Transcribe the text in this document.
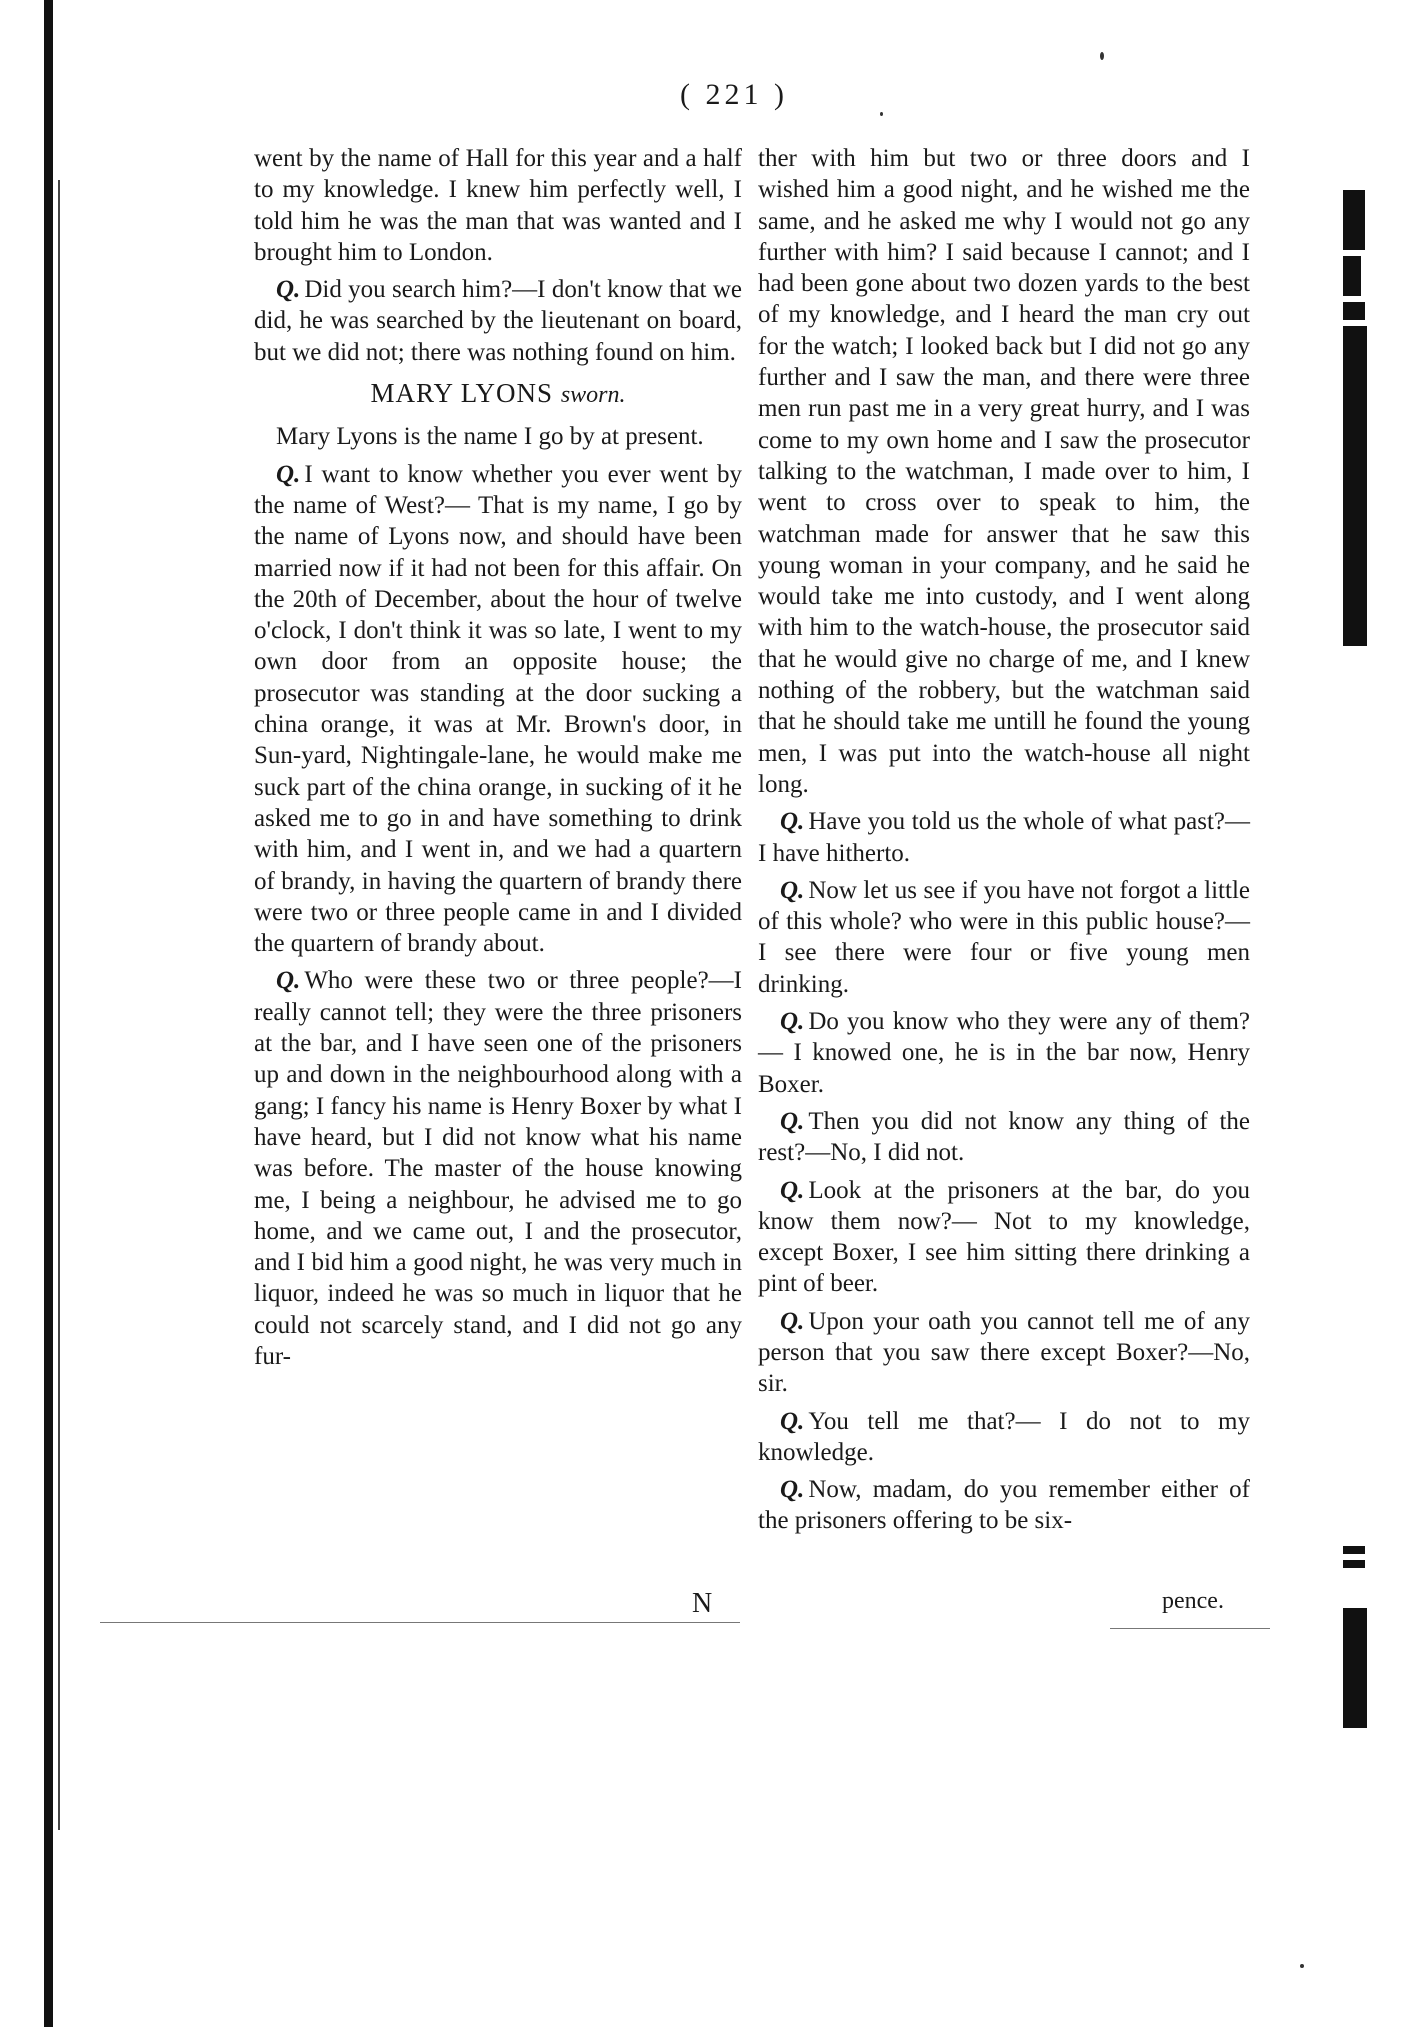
( 221 )

went by the name of Hall for this year and a half to my knowledge. I knew him perfectly well, I told him he was the man that was wanted and I brought him to London.

Q. Did you search him?—I don't know that we did, he was searched by the lieutenant on board, but we did not; there was nothing found on him.

MARY LYONS sworn.

Mary Lyons is the name I go by at present.

Q. I want to know whether you ever went by the name of West?— That is my name, I go by the name of Lyons now, and should have been married now if it had not been for this affair. On the 20th of December, about the hour of twelve o'clock, I don't think it was so late, I went to my own door from an opposite house; the prosecutor was standing at the door sucking a china orange, it was at Mr. Brown's door, in Sun-yard, Nightingale-lane, he would make me suck part of the china orange, in sucking of it he asked me to go in and have something to drink with him, and I went in, and we had a quartern of brandy, in having the quartern of brandy there were two or three people came in and I divided the quartern of brandy about.

Q. Who were these two or three people?—I really cannot tell; they were the three prisoners at the bar, and I have seen one of the prisoners up and down in the neighbourhood along with a gang; I fancy his name is Henry Boxer by what I have heard, but I did not know what his name was before. The master of the house knowing me, I being a neighbour, he advised me to go home, and we came out, I and the prosecutor, and I bid him a good night, he was very much in liquor, indeed he was so much in liquor that he could not scarcely stand, and I did not go any fur-

ther with him but two or three doors and I wished him a good night, and he wished me the same, and he asked me why I would not go any further with him? I said because I cannot; and I had been gone about two dozen yards to the best of my knowledge, and I heard the man cry out for the watch; I looked back but I did not go any further and I saw the man, and there were three men run past me in a very great hurry, and I was come to my own home and I saw the prosecutor talking to the watchman, I made over to him, I went to cross over to speak to him, the watchman made for answer that he saw this young woman in your company, and he said he would take me into custody, and I went along with him to the watch-house, the prosecutor said that he would give no charge of me, and I knew nothing of the robbery, but the watchman said that he should take me untill he found the young men, I was put into the watch-house all night long.

Q. Have you told us the whole of what past?—I have hitherto.

Q. Now let us see if you have not forgot a little of this whole? who were in this public house?— I see there were four or five young men drinking.

Q. Do you know who they were any of them?— I knowed one, he is in the bar now, Henry Boxer.

Q. Then you did not know any thing of the rest?—No, I did not.

Q. Look at the prisoners at the bar, do you know them now?— Not to my knowledge, except Boxer, I see him sitting there drinking a pint of beer.

Q. Upon your oath you cannot tell me of any person that you saw there except Boxer?—No, sir.

Q. You tell me that?— I do not to my knowledge.

Q. Now, madam, do you remember either of the prisoners offering to be six-

N	pence.
